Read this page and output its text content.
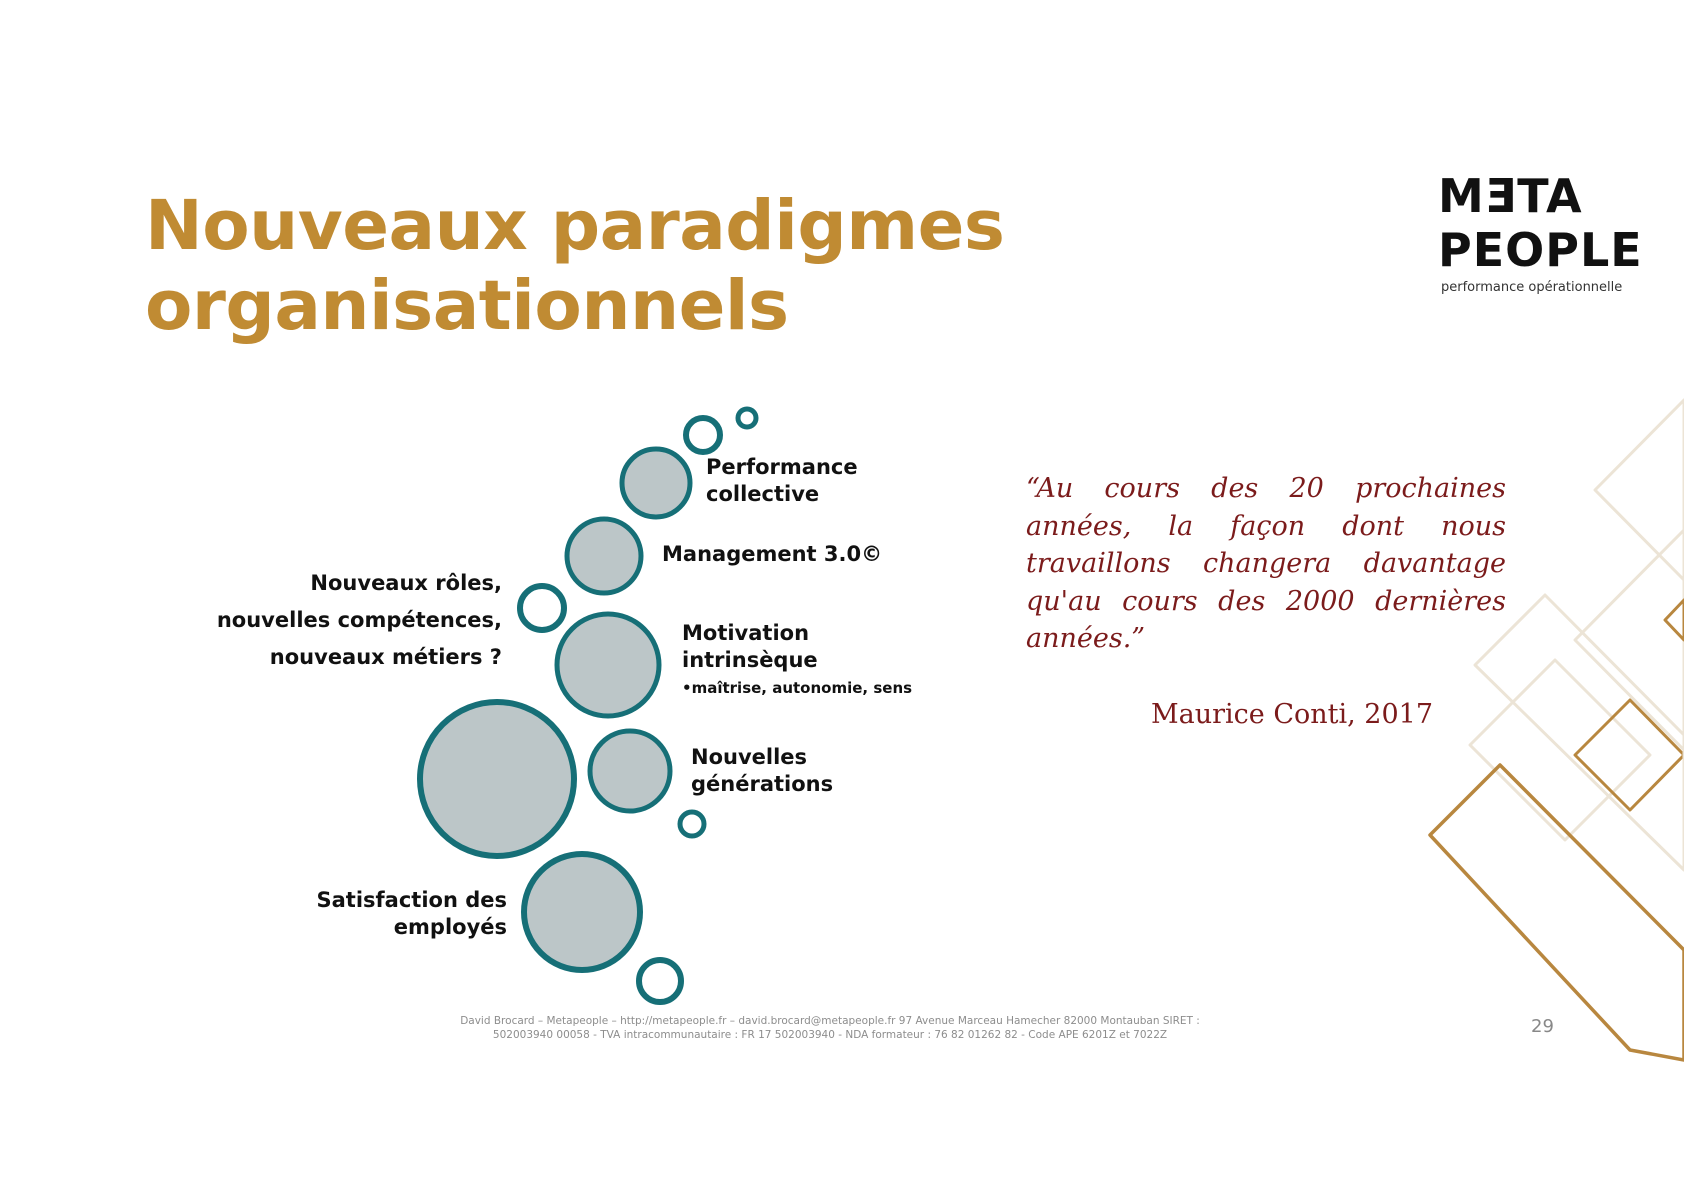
Nouveaux paradigmes
organisationnels
MƎTA
PEOPLE
performance opérationnelle
Performance
collective
Management 3.0©
Nouveaux rôles,
nouvelles compétences,
nouveaux métiers ?
Motivation
intrinsèque
•maîtrise, autonomie, sens
Nouvelles
générations
Satisfaction des
employés

“Au cours des 20 prochaines années, la façon dont nous travaillons changera davantage qu'au cours des 2000 dernières années.”

Maurice Conti, 2017
David Brocard – Metapeople – http://metapeople.fr – david.brocard@metapeople.fr 97 Avenue Marceau Hamecher 82000 Montauban SIRET :
502003940 00058 - TVA intracommunautaire : FR 17 502003940 - NDA formateur : 76 82 01262 82 - Code APE 6201Z et 7022Z	29
